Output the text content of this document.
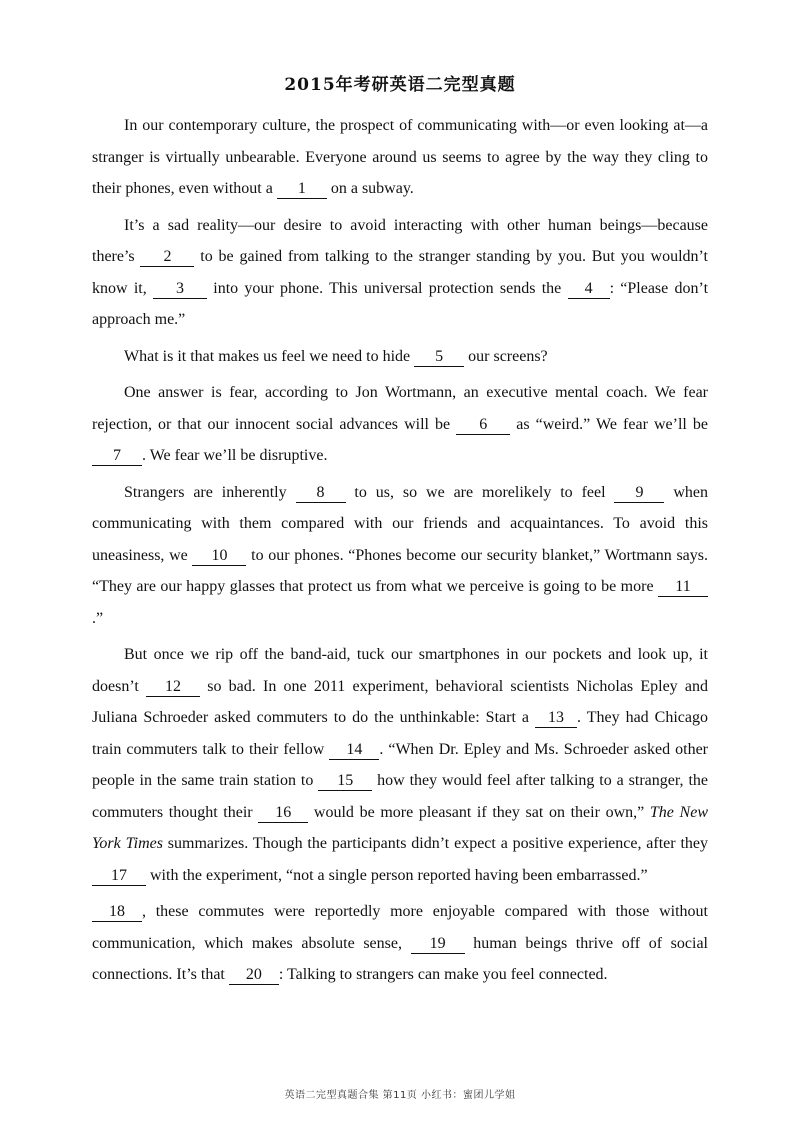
2015年考研英语二完型真题

In our contemporary culture, the prospect of communicating with—or even looking at—a stranger is virtually unbearable. Everyone around us seems to agree by the way they cling to their phones, even without a 1 on a subway.

It’s a sad reality—our desire to avoid interacting with other human beings—because there’s 2 to be gained from talking to the stranger standing by you. But you wouldn’t know it, 3 into your phone. This universal protection sends the 4 : “Please don’t approach me.”

What is it that makes us feel we need to hide 5 our screens?

One answer is fear, according to Jon Wortmann, an executive mental coach. We fear rejection, or that our innocent social advances will be 6 as “weird.” We fear we’ll be 7 . We fear we’ll be disruptive.

Strangers are inherently 8 to us, so we are morelikely to feel 9 when communicating with them compared with our friends and acquaintances. To avoid this uneasiness, we 10 to our phones. “Phones become our security blanket,” Wortmann says. “They are our happy glasses that protect us from what we perceive is going to be more 11.”

But once we rip off the band-aid, tuck our smartphones in our pockets and look up, it doesn’t 12 so bad. In one 2011 experiment, behavioral scientists Nicholas Epley and Juliana Schroeder asked commuters to do the unthinkable: Start a 13 . They had Chicago train commuters talk to their fellow 14 . “When Dr. Epley and Ms. Schroeder asked other people in the same train station to 15 how they would feel after talking to a stranger, the commuters thought their 16 would be more pleasant if they sat on their own,” The New York Times summarizes. Though the participants didn’t expect a positive experience, after they 17 with the experiment, “not a single person reported having been embarrassed.”

18 , these commutes were reportedly more enjoyable compared with those without communication, which makes absolute sense, 19 human beings thrive off of social connections. It’s that 20 : Talking to strangers can make you feel connected.

英语二完型真题合集 第11页 小红书：蜜团儿学姐
